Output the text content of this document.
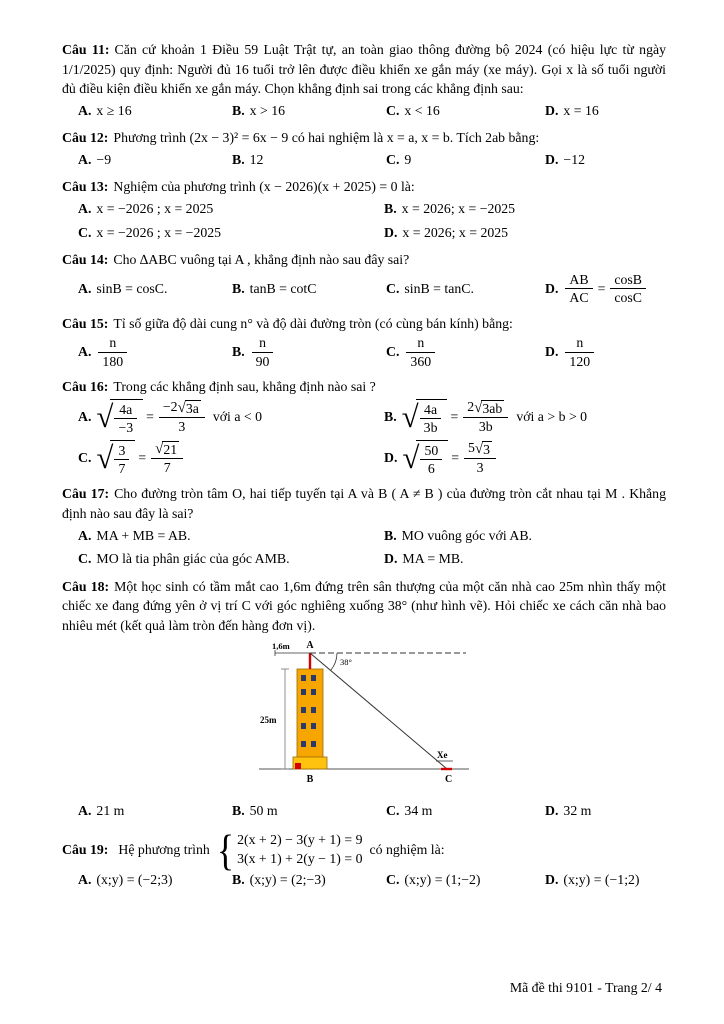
Câu 11: Căn cứ khoản 1 Điều 59 Luật Trật tự, an toàn giao thông đường bộ 2024 (có hiệu lực từ ngày 1/1/2025) quy định: Người đủ 16 tuổi trở lên được điều khiển xe gắn máy (xe máy). Gọi x là số tuổi người đủ điều kiện điều khiển xe gắn máy. Chọn khẳng định sai trong các khẳng định sau:

A. x ≥ 16	B. x > 16	C. x < 16	D. x = 16

Câu 12: Phương trình (2x − 3)² = 6x − 9 có hai nghiệm là x = a, x = b. Tích 2ab bằng:

A. −9	B. 12	C. 9	D. −12

Câu 13: Nghiệm của phương trình (x − 2026)(x + 2025) = 0 là:

A. x = −2026 ; x = 2025	B. x = 2026; x = −2025
C. x = −2026 ; x = −2025	D. x = 2026; x = 2025

Câu 14: Cho ∆ABC vuông tại A , khẳng định nào sau đây sai?

A. sinB = cosC.	B. tanB = cotC	C. sinB = tanC.	D. $\frac{AB}{AC} = \frac{\cos B}{\cos C}$

Câu 15: Tỉ số giữa độ dài cung n° và độ dài đường tròn (có cùng bán kính) bằng:

A. $\frac{n}{180}$	B. $\frac{n}{90}$	C. $\frac{n}{360}$	D. $\frac{n}{120}$

Câu 16: Trong các khẳng định sau, khẳng định nào sai ?

A. √ $\frac{4a}{-3} = \frac{-2 √ 3a}{3}$ với a < 0	B. √ $\frac{4a}{3b} = \frac{2 √ 3ab}{3b}$ với a > b > 0
C. √ $\frac{3}{7}$ = √ $\frac{21}{7}$	D. √ $\frac{50}{6} = \frac{5 √ 3}{3}$

Câu 17: Cho đường tròn tâm O, hai tiếp tuyến tại A và B ( A ≠ B ) của đường tròn cắt nhau tại M . Khẳng định nào sau đây là sai?

A. MA + MB = AB.	B. MO vuông góc với AB.
C. MO là tia phân giác của góc AMB.	D. MA = MB.

Câu 18: Một học sinh có tầm mắt cao 1,6m đứng trên sân thượng của một căn nhà cao 25m nhìn thấy một chiếc xe đang đứng yên ở vị trí C với góc nghiêng xuống 38° (như hình vẽ). Hỏi chiếc xe cách căn nhà bao nhiêu mét (kết quả làm tròn đến hàng đơn vị).

A
1,6m
38°
25m
Xe
B	C
A. 21 m	B. 50 m	C. 34 m	D. 32 m
Câu 19: Hệ phương trình
{
2(x + 2) − 3(y + 1) = 9
3(x + 1) + 2(y − 1) = 0
có nghiệm là:
A. (x;y) = (−2;3)	B. (x;y) = (2;−3)	C. (x;y) = (1;−2)	D. (x;y) = (−1;2)
Mã đề thi 9101 - Trang 2/ 4
